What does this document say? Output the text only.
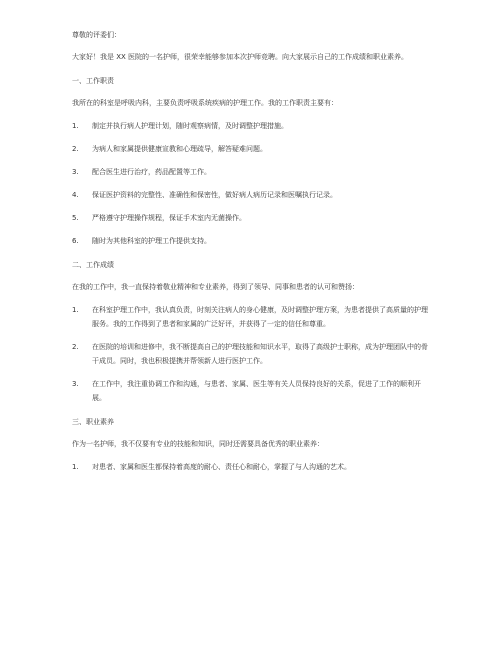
尊敬的评委们：

大家好！我是 XX 医院的一名护师，很荣幸能够参加本次护师竞聘。向大家展示自己的工作成绩和职业素养。

一、工作职责

我所在的科室是呼吸内科，主要负责呼吸系统疾病的护理工作。我的工作职责主要有：

1. 制定并执行病人护理计划，随时观察病情，及时调整护理措施。
2. 为病人和家属提供健康宣教和心理疏导，解答疑难问题。
3. 配合医生进行治疗，药品配置等工作。
4. 保证医护资料的完整性、准确性和保密性，做好病人病历记录和医嘱执行记录。
5. 严格遵守护理操作规程，保证手术室内无菌操作。
6. 随时为其他科室的护理工作提供支持。

二、工作成绩

在我的工作中，我一直保持着敬业精神和专业素养，得到了领导、同事和患者的认可和赞扬：

1. 在科室护理工作中，我认真负责，时刻关注病人的身心健康，及时调整护理方案，为患者提供了高质量的护理服务。我的工作得到了患者和家属的广泛好评，并获得了一定的信任和尊重。
2. 在医院的培训和进修中，我不断提高自己的护理技能和知识水平，取得了高级护士职称，成为护理团队中的骨干成员。同时，我也积极提携并帮领新人进行医护工作。
3. 在工作中，我注重协调工作和沟通，与患者、家属、医生等有关人员保持良好的关系，促进了工作的顺利开展。

三、职业素养

作为一名护师，我不仅要有专业的技能和知识，同时还需要具备优秀的职业素养：

1. 对患者、家属和医生都保持着高度的耐心、责任心和耐心，掌握了与人沟通的艺术。
